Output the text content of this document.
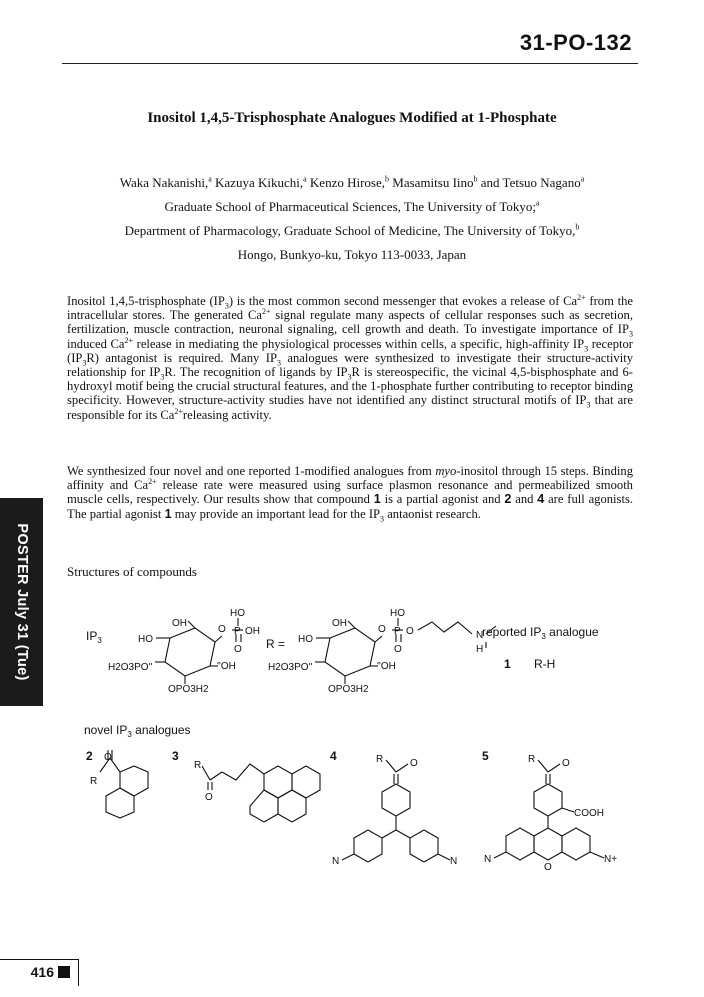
31-PO-132
Inositol 1,4,5-Trisphosphate Analogues Modified at 1-Phosphate
Waka Nakanishi,$^a$ Kazuya Kikuchi,$^a$ Kenzo Hirose,$^b$ Masamitsu Iino$^b$ and Tetsuo Nagano$^a$
Graduate School of Pharmaceutical Sciences, The University of Tokyo;$^a$
Department of Pharmacology, Graduate School of Medicine, The University of Tokyo,$^b$
Hongo, Bunkyo-ku, Tokyo 113-0033, Japan

Inositol 1,4,5-trisphosphate $(IP_3)$ is the most common second messenger that evokes a release of $Ca^{2+}$ from the intracellular stores. The generated $Ca^{2+}$ signal regulate many aspects of cellular responses such as secretion, fertilization, muscle contraction, neuronal signaling, cell growth and death. To investigate importance of $IP_3$ induced $Ca^{2+}$ release in mediating the physiological processes within cells, a specific, high-affinity $IP_3$ receptor $(IP_3R)$ antagonist is required. Many $IP_3$ analogues were synthesized to investigate their structure-activity relationship for $IP_3R$. The recognition of ligands by $IP_3R$ is stereospecific, the vicinal 4,5-bisphosphate and 6-hydroxyl motif being the crucial structural features, and the 1-phosphate further contributing to receptor binding specificity. However, structure-activity studies have not identified any distinct structural motifs of $IP_3$ that are responsible for its $Ca^{2+}releasing$ activity.

We synthesized four novel and one reported 1-modified analogues from myo-inositol through 15 steps. Binding affinity and $Ca^{2+}$ release rate were measured using surface plasmon resonance and permeabilized smooth muscle cells, respectively. Our results show that compound 1 is a partial agonist and 2 and 4 are full agonists. The partial agonist 1 may provide an important lead for the $IP_3$ antaonist research.

Structures of compounds
$IP_3$	HO
OH
O P
HO
OH
O
''OH
H2O3PO''
OPO3H2
R = HO
OH
O P
HO
O
O
N
H
''OH
H2O3PO''
OPO3H2
reported $IP_3$ analogue
1 R-H
novel $IP_3$ analogues
2 O
R
3
R
O
4	R	O
N	N
5	R	O
COOH
O
N	N+
POSTER July 31 (Tue)
416
